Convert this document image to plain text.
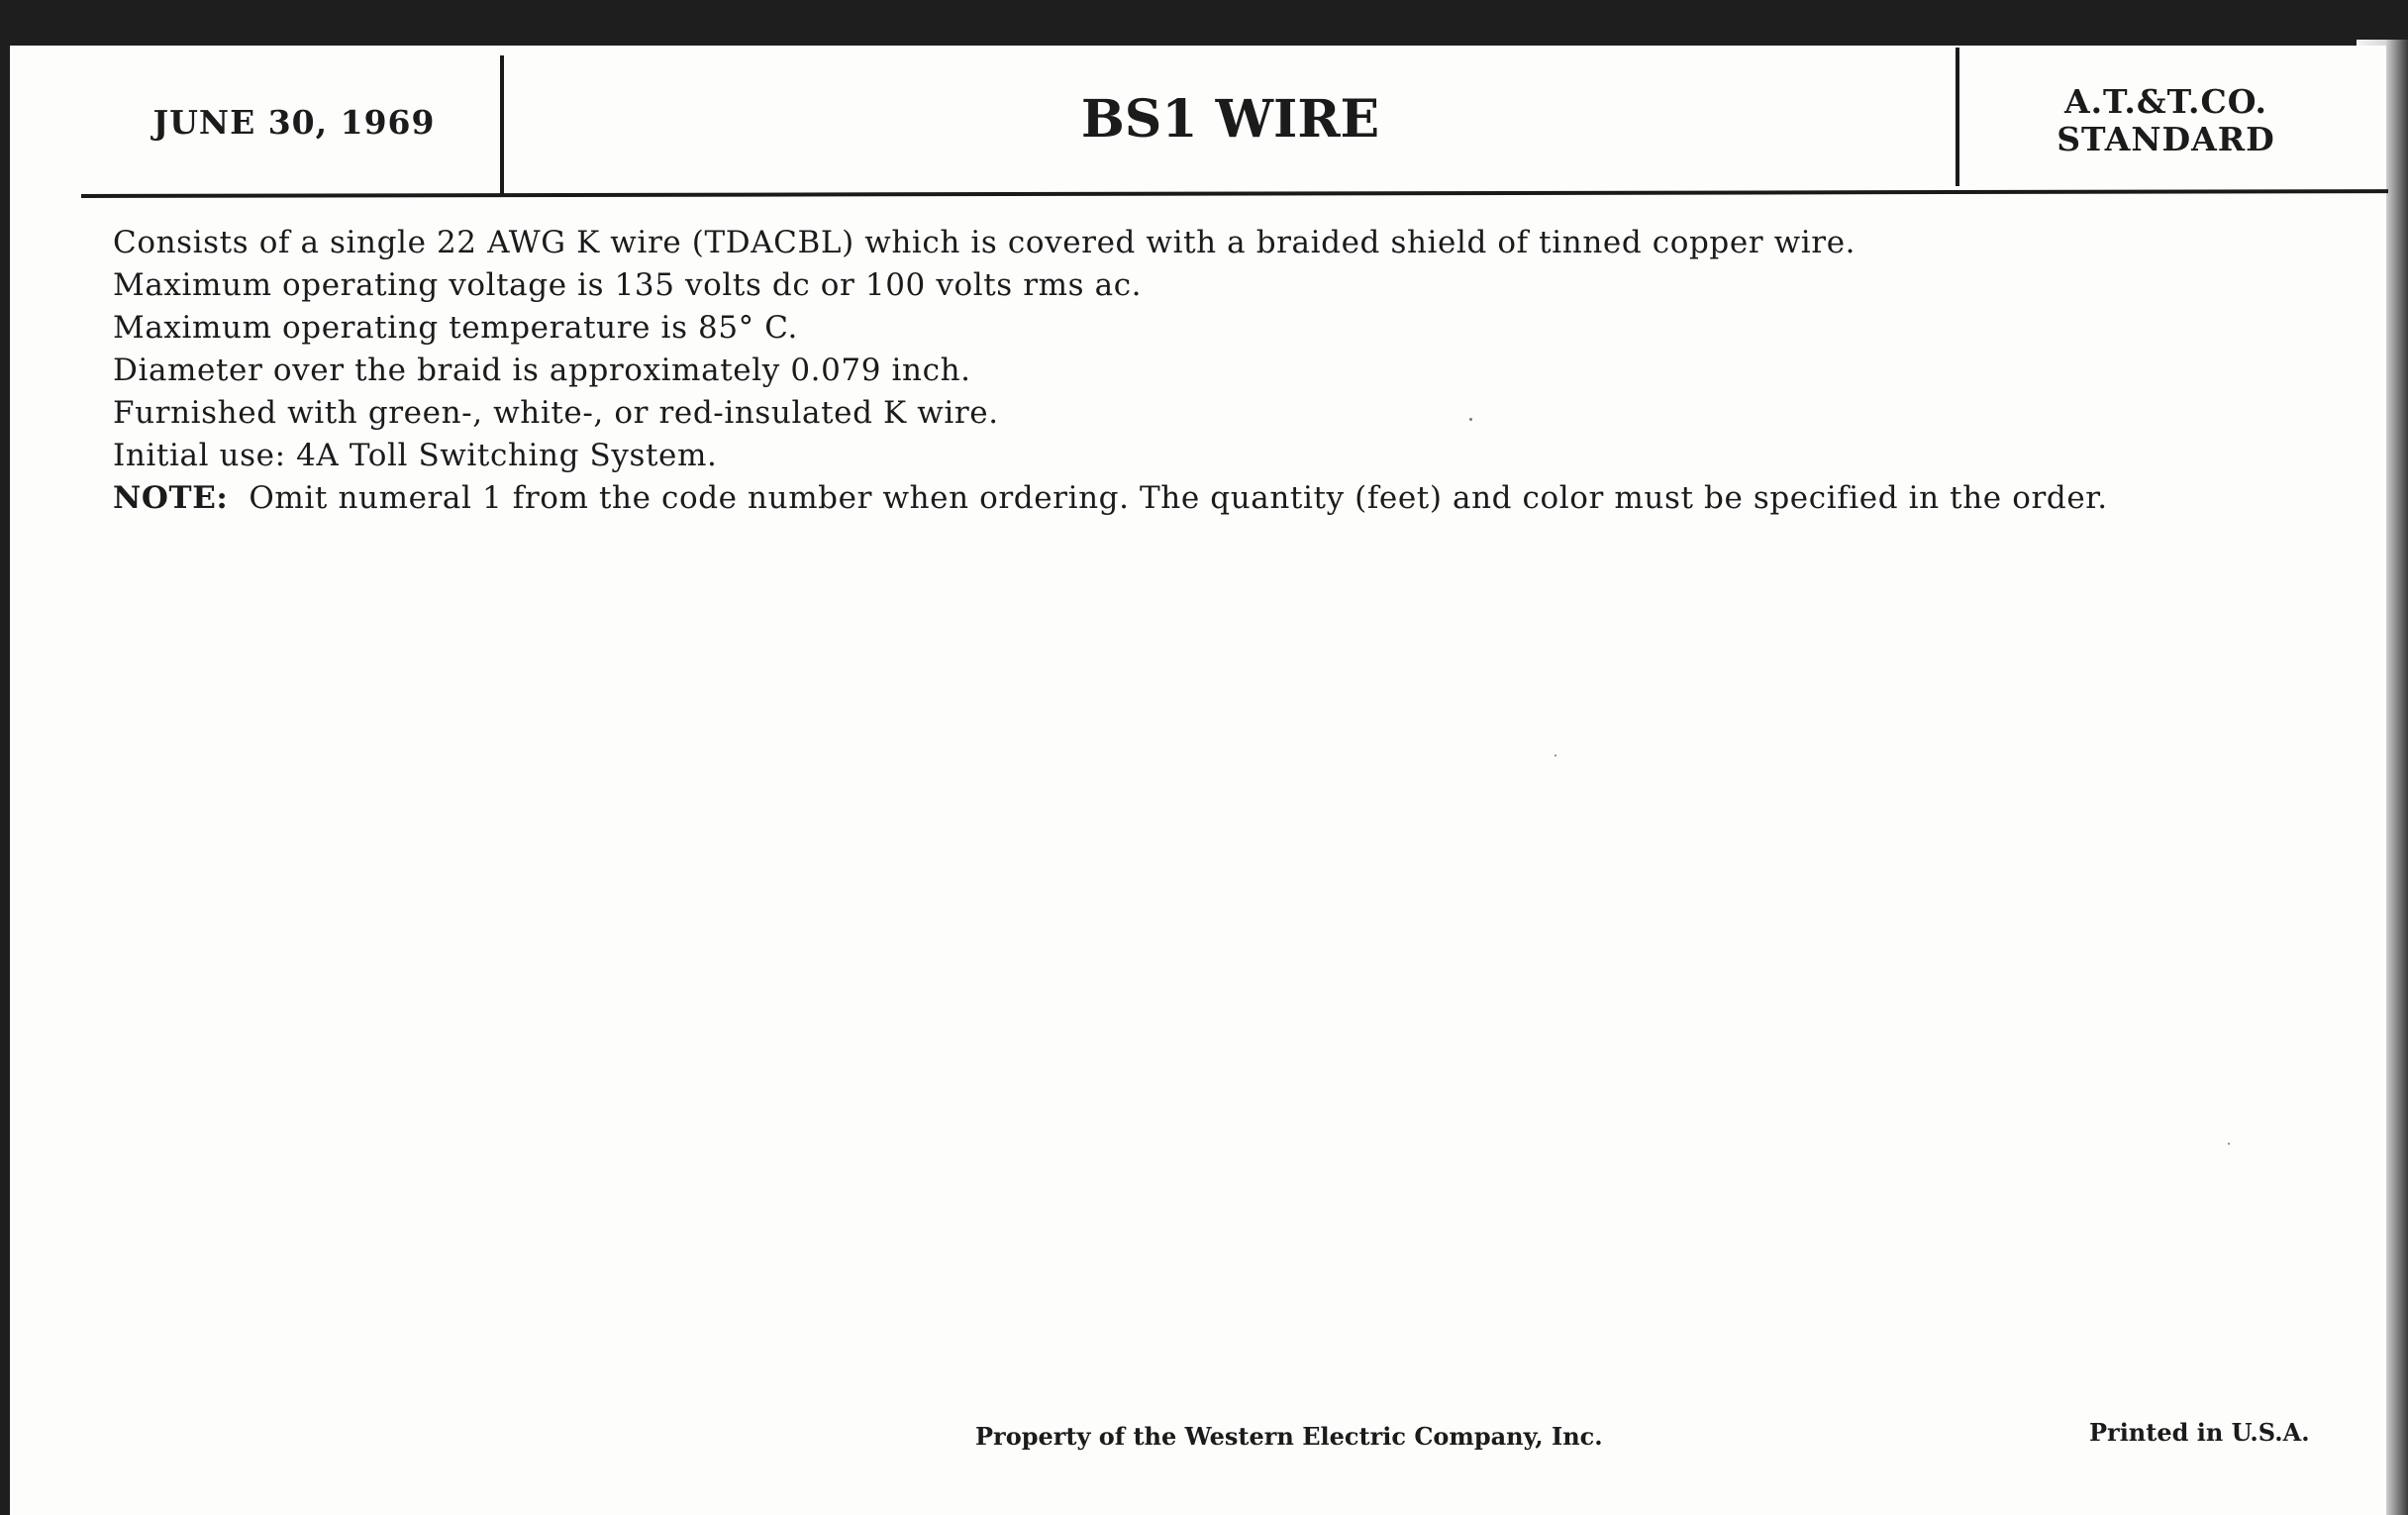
JUNE 30, 1969	BS1 WIRE	A.T.&T.CO.
STANDARD
Consists of a single 22 AWG K wire (TDACBL) which is covered with a braided shield of tinned copper wire.
Maximum operating voltage is 135 volts dc or 100 volts rms ac.
Maximum operating temperature is 85° C.
Diameter over the braid is approximately 0.079 inch.
Furnished with green-, white-, or red-insulated K wire.
Initial use: 4A Toll Switching System.
NOTE: Omit numeral 1 from the code number when ordering. The quantity (feet) and color must be specified in the order.
Property of the Western Electric Company, Inc.	Printed in U.S.A.
